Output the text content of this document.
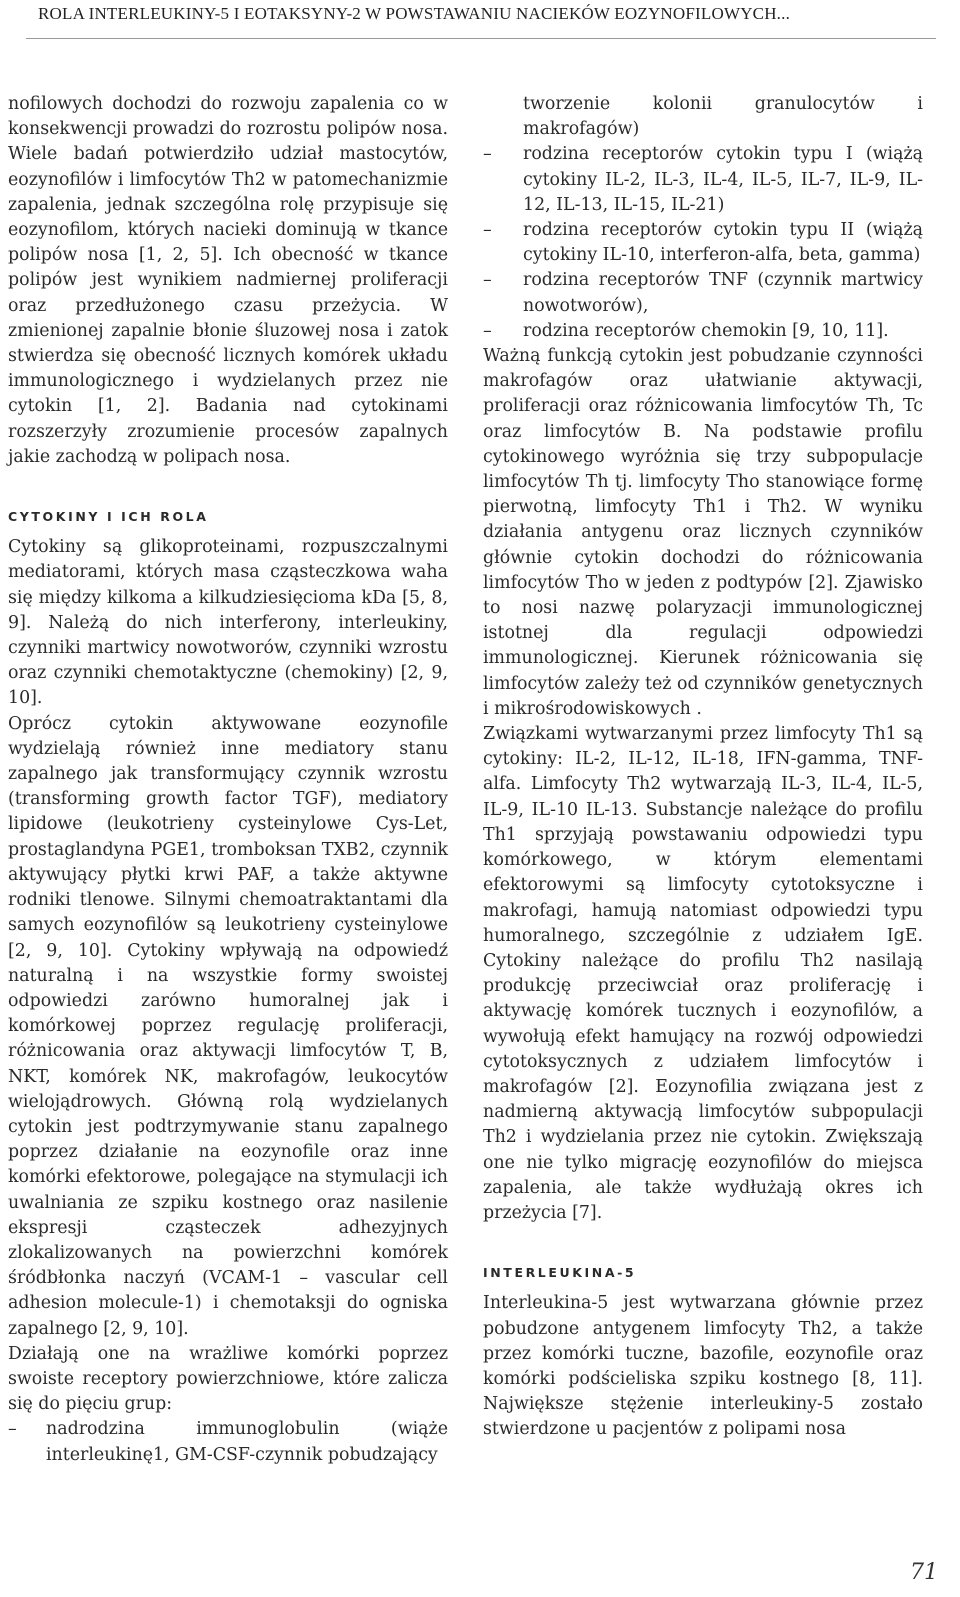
ROLA INTERLEUKINY-5 I EOTAKSYNY-2 W POWSTAWANIU NACIEKÓW EOZYNOFILOWYCH...

nofilowych dochodzi do rozwoju zapalenia co w konsekwencji prowadzi do rozrostu polipów nosa. Wiele badań potwierdziło udział mastocytów, eozynofilów i limfocytów Th2 w patomechanizmie zapalenia, jednak szczególna rolę przypisuje się eozynofilom, których nacieki dominują w tkance polipów nosa [1, 2, 5]. Ich obecność w tkance polipów jest wynikiem nadmiernej proliferacji oraz przedłużonego czasu przeżycia. W zmienionej zapalnie błonie śluzowej nosa i zatok stwierdza się obecność licznych komórek układu immunologicznego i wydzielanych przez nie cytokin [1, 2]. Badania nad cytokinami rozszerzyły zrozumienie procesów zapalnych jakie zachodzą w polipach nosa.

CYTOKINY I ICH ROLA

Cytokiny są glikoproteinami, rozpuszczalnymi mediatorami, których masa cząsteczkowa waha się między kilkoma a kilkudziesięcioma kDa [5, 8, 9]. Należą do nich interferony, interleukiny, czynniki martwicy nowotworów, czynniki wzrostu oraz czynniki chemotaktyczne (chemokiny) [2, 9, 10].

Oprócz cytokin aktywowane eozynofile wydzielają również inne mediatory stanu zapalnego jak transformujący czynnik wzrostu (transforming growth factor TGF), mediatory lipidowe (leukotrieny cysteinylowe Cys-Let, prostaglandyna PGE1, tromboksan TXB2, czynnik aktywujący płytki krwi PAF, a także aktywne rodniki tlenowe. Silnymi chemoatraktantami dla samych eozynofilów są leukotrieny cysteinylowe [2, 9, 10]. Cytokiny wpływają na odpowiedź naturalną i na wszystkie formy swoistej odpowiedzi zarówno humoralnej jak i komórkowej poprzez regulację proliferacji, różnicowania oraz aktywacji limfocytów T, B, NKT, komórek NK, makrofagów, leukocytów wielojądrowych. Główną rolą wydzielanych cytokin jest podtrzymywanie stanu zapalnego poprzez działanie na eozynofile oraz inne komórki efektorowe, polegające na stymulacji ich uwalniania ze szpiku kostnego oraz nasilenie ekspresji cząsteczek adhezyjnych zlokalizowanych na powierzchni komórek śródbłonka naczyń (VCAM-1 – vascular cell adhesion molecule-1) i chemotaksji do ogniska zapalnego [2, 9, 10].

Działają one na wrażliwe komórki poprzez swoiste receptory powierzchniowe, które zalicza się do pięciu grup:

– nadrodzina immunoglobulin (wiąże interleukinę1, GM-CSF-czynnik pobudzający
tworzenie kolonii granulocytów i makrofagów)
– rodzina receptorów cytokin typu I (wiążą cytokiny IL-2, IL-3, IL-4, IL-5, IL-7, IL-9, IL-12, IL-13, IL-15, IL-21)
– rodzina receptorów cytokin typu II (wiążą cytokiny IL-10, interferon-alfa, beta, gamma)
– rodzina receptorów TNF (czynnik martwicy nowotworów),
– rodzina receptorów chemokin [9, 10, 11].

Ważną funkcją cytokin jest pobudzanie czynności makrofagów oraz ułatwianie aktywacji, proliferacji oraz różnicowania limfocytów Th, Tc oraz limfocytów B. Na podstawie profilu cytokinowego wyróżnia się trzy subpopulacje limfocytów Th tj. limfocyty Tho stanowiące formę pierwotną, limfocyty Th1 i Th2. W wyniku działania antygenu oraz licznych czynników głównie cytokin dochodzi do różnicowania limfocytów Tho w jeden z podtypów [2]. Zjawisko to nosi nazwę polaryzacji immunologicznej istotnej dla regulacji odpowiedzi immunologicznej. Kierunek różnicowania się limfocytów zależy też od czynników genetycznych i mikrośrodowiskowych .

Związkami wytwarzanymi przez limfocyty Th1 są cytokiny: IL-2, IL-12, IL-18, IFN-gamma, TNF-alfa. Limfocyty Th2 wytwarzają IL-3, IL-4, IL-5, IL-9, IL-10 IL-13. Substancje należące do profilu Th1 sprzyjają powstawaniu odpowiedzi typu komórkowego, w którym elementami efektorowymi są limfocyty cytotoksyczne i makrofagi, hamują natomiast odpowiedzi typu humoralnego, szczególnie z udziałem IgE. Cytokiny należące do profilu Th2 nasilają produkcję przeciwciał oraz proliferację i aktywację komórek tucznych i eozynofilów, a wywołują efekt hamujący na rozwój odpowiedzi cytotoksycznych z udziałem limfocytów i makrofagów [2]. Eozynofilia związana jest z nadmierną aktywacją limfocytów subpopulacji Th2 i wydzielania przez nie cytokin. Zwiększają one nie tylko migrację eozynofilów do miejsca zapalenia, ale także wydłużają okres ich przeżycia [7].

INTERLEUKINA-5

Interleukina-5 jest wytwarzana głównie przez pobudzone antygenem limfocyty Th2, a także przez komórki tuczne, bazofile, eozynofile oraz komórki podścieliska szpiku kostnego [8, 11]. Największe stężenie interleukiny-5 zostało stwierdzone u pacjentów z polipami nosa

71
